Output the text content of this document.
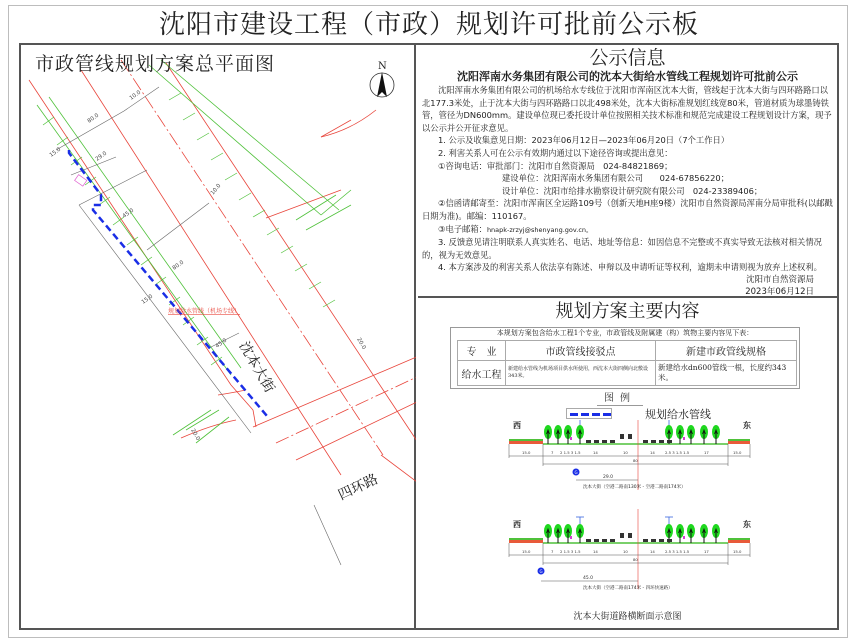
沈阳市建设工程（市政）规划许可批前公示板
10.0
80.0
15.0	29.0
10.0
45.0
80.0
15.0
45.0
20.0
20.0
规划给水管线（机场专线）
沈本大街
四环路
N
市政管线规划方案总平面图	公示信息
沈阳浑南水务集团有限公司的沈本大街给水管线工程规划许可批前公示

沈阳浑南水务集团有限公司的机场给水专线位于沈阳市浑南区沈本大街，管线起于沈本大街与四环路路口以北177.3米处，止于沈本大街与四环路路口以北498米处，沈本大街标准规划红线宽80米，管道材质为球墨铸铁管，管径为DN600mm。建设单位现已委托设计单位按照相关技术标准和规范完成建设工程规划设计方案，现予以公示并公开征求意见。

1. 公示及收集意见日期：2023年06月12日—2023年06月20日（7个工作日）

2. 利害关系人可在公示有效期内通过以下途径咨询或提出意见：

①咨询电话：审批部门：沈阳市自然资源局　024-84821869；

建设单位：沈阳浑南水务集团有限公司　　024-67856220；

设计单位：沈阳市给排水勘察设计研究院有限公司　024-23389406；

②信函请邮寄至：沈阳市浑南区全运路109号（创新天地H座9楼）沈阳市自然资源局浑南分局审批科(以邮戳日期为准)。邮编：110167。

③电子邮箱：hnapk-zrzyj@shenyang.gov.cn。

3. 反馈意见请注明联系人真实姓名、电话、地址等信息：如因信息不完整或不真实导致无法核对相关情况的，视为无效意见。

4. 本方案涉及的利害关系人依法享有陈述、申辩以及申请听证等权利，逾期未申请则视为放弃上述权利。

沈阳市自然资源局

2023年06月12日

规划方案主要内容
本规划方案包含给水工程1个专业，市政管线及附属建（构）筑物主要内容见下表：
专　业	市政管线接驳点	新建市政管线规格
给水工程	新建给水管线为机场项目供水所使用，西沈本大街四侧向北敷设343米。	新建给水dn600管线一根，长度约343米。
图例
规划给水管线
西	东
G
29.0
沈本大街（空港二路南130米 - 空港二路南174米）
西	东
G
45.0
沈本大街（空港二路南174米 - 四环快速路）
沈本大街道路横断面示意图
